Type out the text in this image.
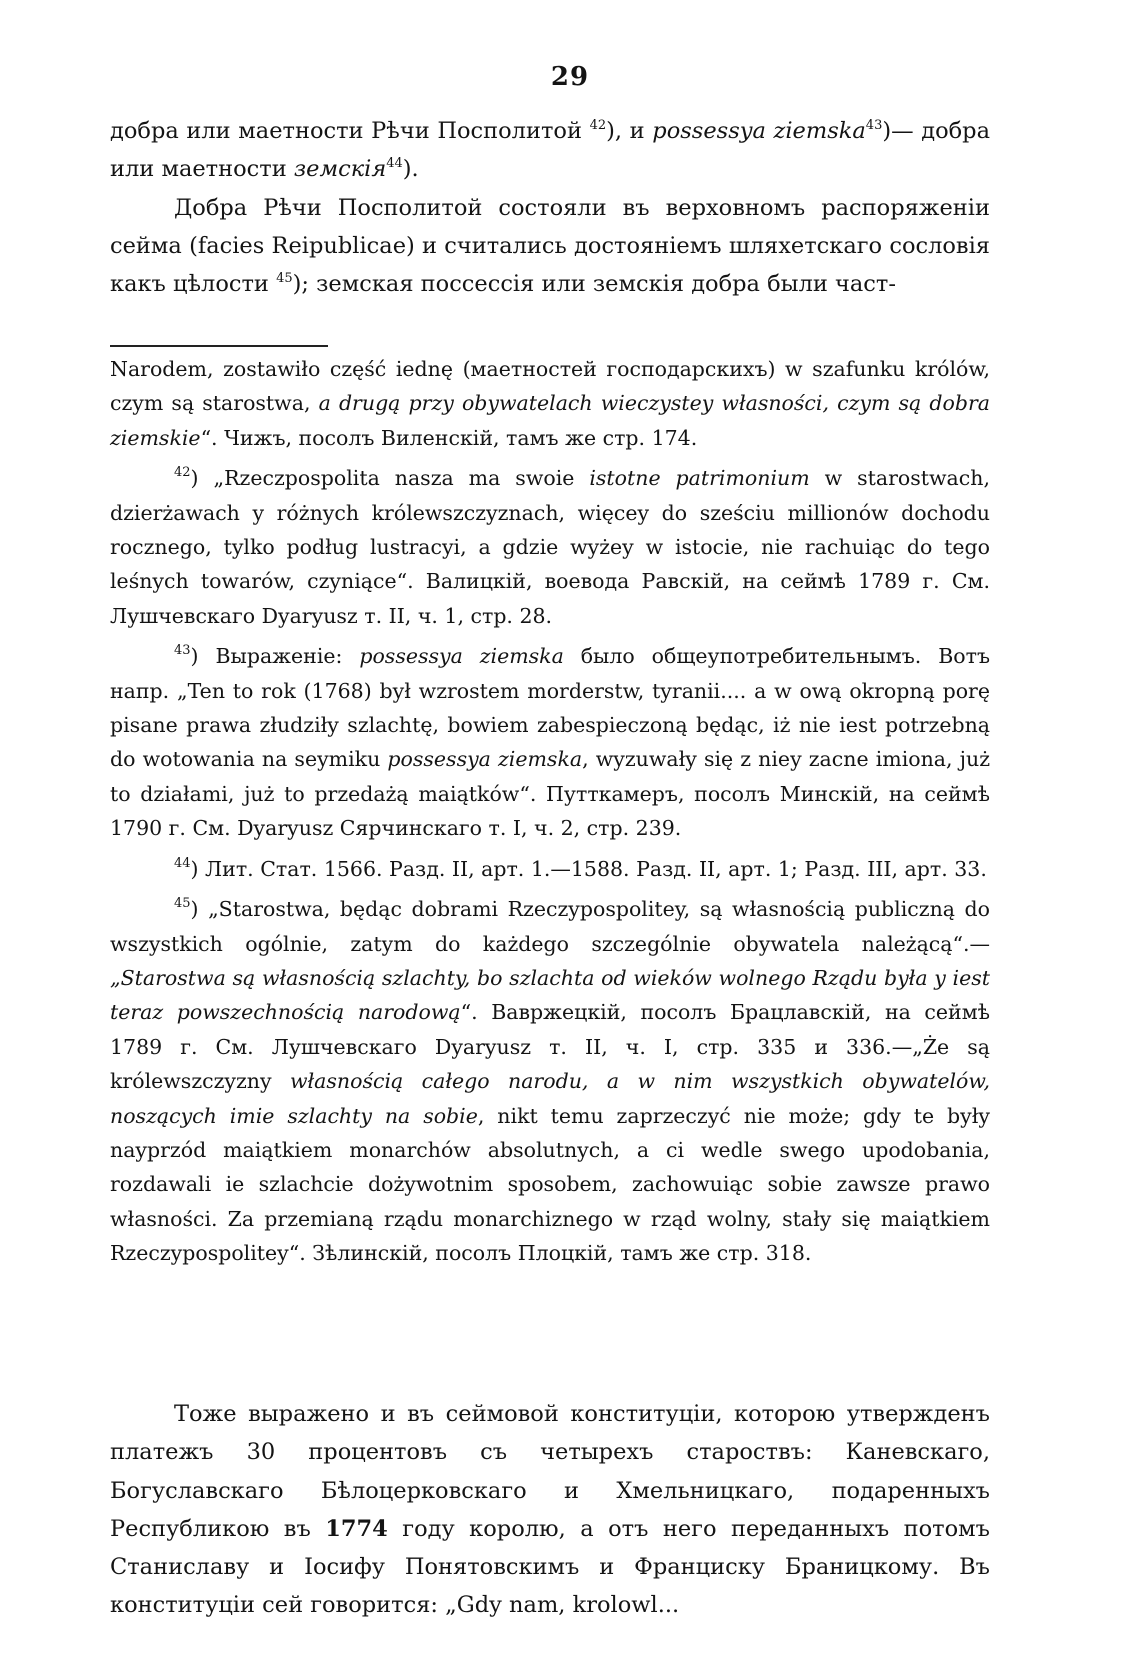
29

добра или маетности Рѣчи Посполитой $^{42}$), и possessya ziemska$^{43}$)— добра или маетности земскія$^{44}$).

Добра Рѣчи Посполитой состояли въ верховномъ распоряженіи сейма (facies Reipublicae) и считались достояніемъ шляхетскаго сословія какъ цѣлости $^{45}$); земская поссессія или земскія добра были част-

Narodem, zostawiło część iednę (маетностей господарскихъ) w szafunku królów, czym są starostwa, a drugą przy obywatelach wieczystey własności, czym są dobra ziemskie“. Чижъ, посолъ Виленскій, тамъ же стр. 174.

$^{42}$) „Rzeczpospolita nasza ma swoie istotne patrimonium w starostwach, dzierżawach y różnych królewszczyznach, więcey do sześciu millionów dochodu rocznego, tylko podług lustracyi, a gdzie wyżey w istocie, nie rachuiąc do tego leśnych towarów, czyniące“. Валицкій, воевода Равскій, на сеймѣ 1789 г. См. Лушчевскаго Dyaryusz т. II, ч. 1, стр. 28.

$^{43}$) Выраженіе: possessya ziemska было общеупотребительнымъ. Вотъ напр. „Ten to rok (1768) był wzrostem morderstw, tyranii.... a w ową okropną porę pisane prawa złudziły szlachtę, bowiem zabespieczoną będąc, iż nie iest potrzebną do wotowania na seymiku possessya ziemska, wyzuwały się z niey zacne imiona, już to działami, już to przedażą maiątków“. Путткамеръ, посолъ Минскій, на сеймѣ 1790 г. См. Dyaryusz Сярчинскаго т. I, ч. 2, стр. 239.

$^{44}$) Лит. Стат. 1566. Разд. II, арт. 1.—1588. Разд. II, арт. 1; Разд. III, арт. 33.

$^{45}$) „Starostwa, będąc dobrami Rzeczypospolitey, są własnością publiczną do wszystkich ogólnie, zatym do każdego szczególnie obywatela należącą“.—„Starostwa są własnością szlachty, bo szlachta od wieków wolnego Rządu była y iest teraz powszechnością narodową“. Вавржецкій, посолъ Брацлавскій, на сеймѣ 1789 г. См. Лушчевскаго Dyaryusz т. II, ч. I, стр. 335 и 336.—„Że są królewszczyzny własnością całego narodu, a w nim wszystkich obywatelów, noszących imie szlachty na sobie, nikt temu zaprzeczyć nie może; gdy te były nayprzód maiątkiem monarchów absolutnych, a ci wedle swego upodobania, rozdawali ie szlachcie dożywotnim sposobem, zachowuiąc sobie zawsze prawo własności. Za przemianą rządu monarchiznego w rząd wolny, stały się maiątkiem Rzeczypospolitey“. Зѣлинскій, посолъ Плоцкій, тамъ же стр. 318.

Тоже выражено и въ сеймовой конституціи, которою утвержденъ платежъ 30 процентовъ съ четырехъ староствъ: Каневскаго, Богуславскаго Бѣлоцерковскаго и Хмельницкаго, подаренныхъ Республикою въ 1774 году королю, а отъ него переданныхъ потомъ Станиславу и Іосифу Понятовскимъ и Франциску Браницкому. Въ конституціи сей говорится: „Gdy nam, krolowl...
